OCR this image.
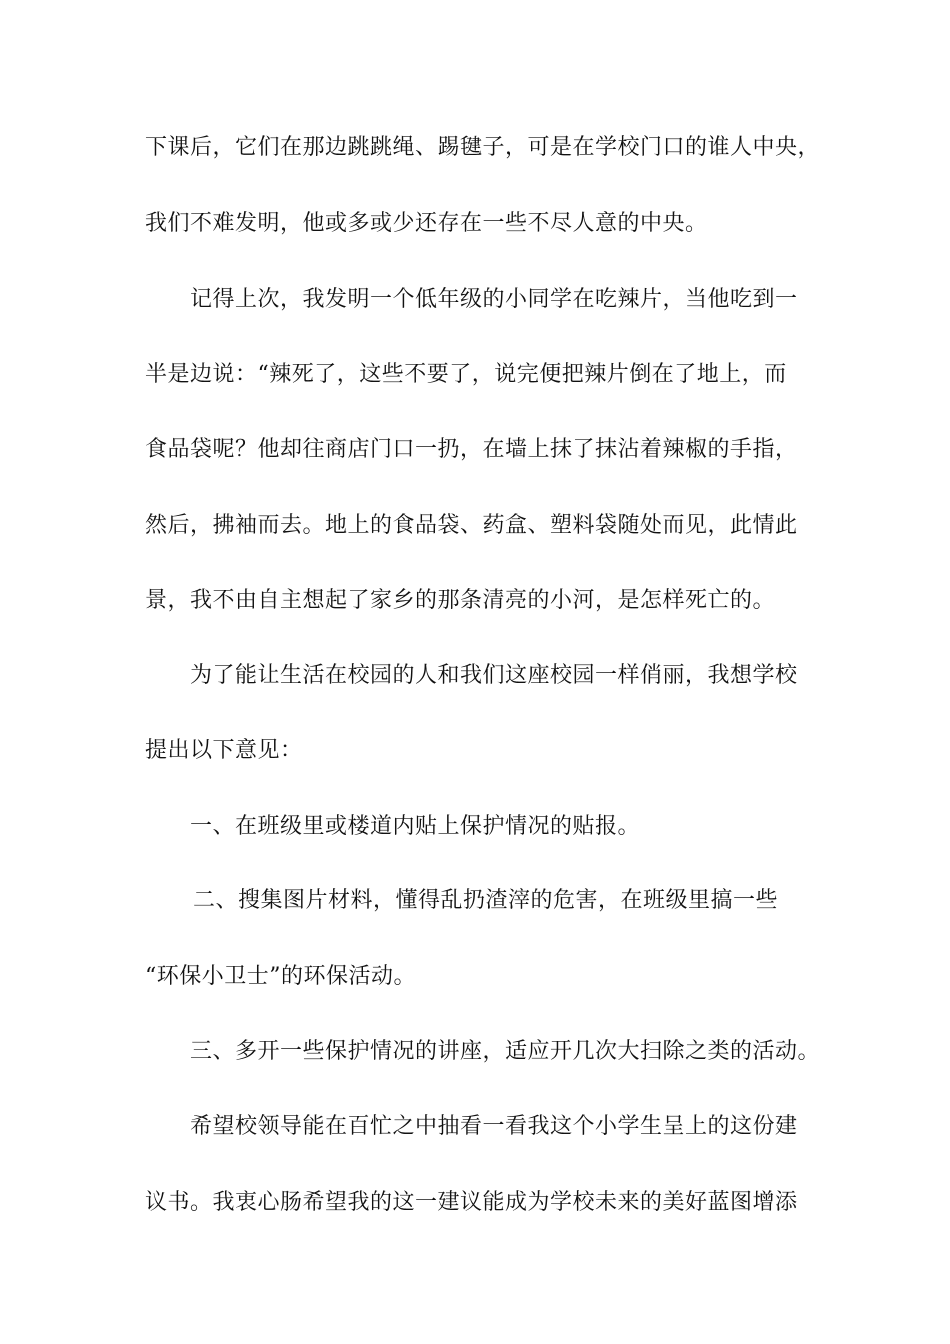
下课后，它们在那边跳跳绳、踢毽子，可是在学校门口的谁人中央，
我们不难发明，他或多或少还存在一些不尽人意的中央。
记得上次，我发明一个低年级的小同学在吃辣片，当他吃到一
半是边说：“辣死了，这些不要了，说完便把辣片倒在了地上，而
食品袋呢？他却往商店门口一扔，在墙上抹了抹沾着辣椒的手指，
然后，拂袖而去。地上的食品袋、药盒、塑料袋随处而见，此情此
景，我不由自主想起了家乡的那条清亮的小河，是怎样死亡的。
为了能让生活在校园的人和我们这座校园一样俏丽，我想学校
提出以下意见：
一、在班级里或楼道内贴上保护情况的贴报。
二、搜集图片材料，懂得乱扔渣滓的危害，在班级里搞一些
“环保小卫士”的环保活动。
三、多开一些保护情况的讲座，适应开几次大扫除之类的活动。
希望校领导能在百忙之中抽看一看我这个小学生呈上的这份建
议书。我衷心肠希望我的这一建议能成为学校未来的美好蓝图增添
